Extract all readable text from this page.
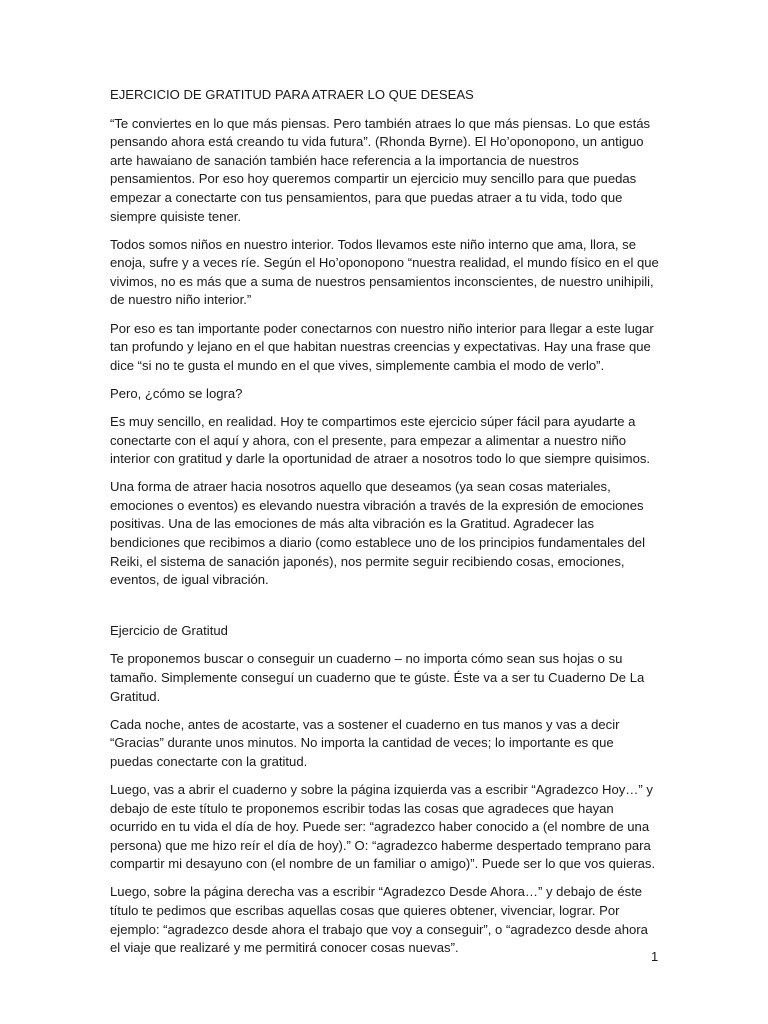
EJERCICIO DE GRATITUD PARA ATRAER LO QUE DESEAS

“Te conviertes en lo que más piensas. Pero también atraes lo que más piensas. Lo que estás pensando ahora está creando tu vida futura”. (Rhonda Byrne). El Ho’oponopono, un antiguo arte hawaiano de sanación también hace referencia a la importancia de nuestros pensamientos. Por eso hoy queremos compartir un ejercicio muy sencillo para que puedas empezar a conectarte con tus pensamientos, para que puedas atraer a tu vida, todo que siempre quisiste tener.

Todos somos niños en nuestro interior. Todos llevamos este niño interno que ama, llora, se enoja, sufre y a veces ríe. Según el Ho’oponopono “nuestra realidad, el mundo físico en el que vivimos, no es más que a suma de nuestros pensamientos inconscientes, de nuestro unihipili, de nuestro niño interior.”

Por eso es tan importante poder conectarnos con nuestro niño interior para llegar a este lugar tan profundo y lejano en el que habitan nuestras creencias y expectativas. Hay una frase que dice “si no te gusta el mundo en el que vives, simplemente cambia el modo de verlo”.

Pero, ¿cómo se logra?

Es muy sencillo, en realidad. Hoy te compartimos este ejercicio súper fácil para ayudarte a conectarte con el aquí y ahora, con el presente, para empezar a alimentar a nuestro niño interior con gratitud y darle la oportunidad de atraer a nosotros todo lo que siempre quisimos.

Una forma de atraer hacia nosotros aquello que deseamos (ya sean cosas materiales, emociones o eventos) es elevando nuestra vibración a través de la expresión de emociones positivas. Una de las emociones de más alta vibración es la Gratitud. Agradecer las bendiciones que recibimos a diario (como establece uno de los principios fundamentales del Reiki, el sistema de sanación japonés), nos permite seguir recibiendo cosas, emociones, eventos, de igual vibración.

Ejercicio de Gratitud

Te proponemos buscar o conseguir un cuaderno – no importa cómo sean sus hojas o su tamaño. Simplemente conseguí un cuaderno que te gúste. Éste va a ser tu Cuaderno De La Gratitud.

Cada noche, antes de acostarte, vas a sostener el cuaderno en tus manos y vas a decir “Gracias” durante unos minutos. No importa la cantidad de veces; lo importante es que puedas conectarte con la gratitud.

Luego, vas a abrir el cuaderno y sobre la página izquierda vas a escribir “Agradezco Hoy…” y debajo de este título te proponemos escribir todas las cosas que agradeces que hayan ocurrido en tu vida el día de hoy. Puede ser: “agradezco haber conocido a (el nombre de una persona) que me hizo reír el día de hoy).” O: “agradezco haberme despertado temprano para compartir mi desayuno con (el nombre de un familiar o amigo)”. Puede ser lo que vos quieras.

Luego, sobre la página derecha vas a escribir “Agradezco Desde Ahora…” y debajo de éste título te pedimos que escribas aquellas cosas que quieres obtener, vivenciar, lograr. Por ejemplo: “agradezco desde ahora el trabajo que voy a conseguir”, o “agradezco desde ahora el viaje que realizaré y me permitirá conocer cosas nuevas”.

1
